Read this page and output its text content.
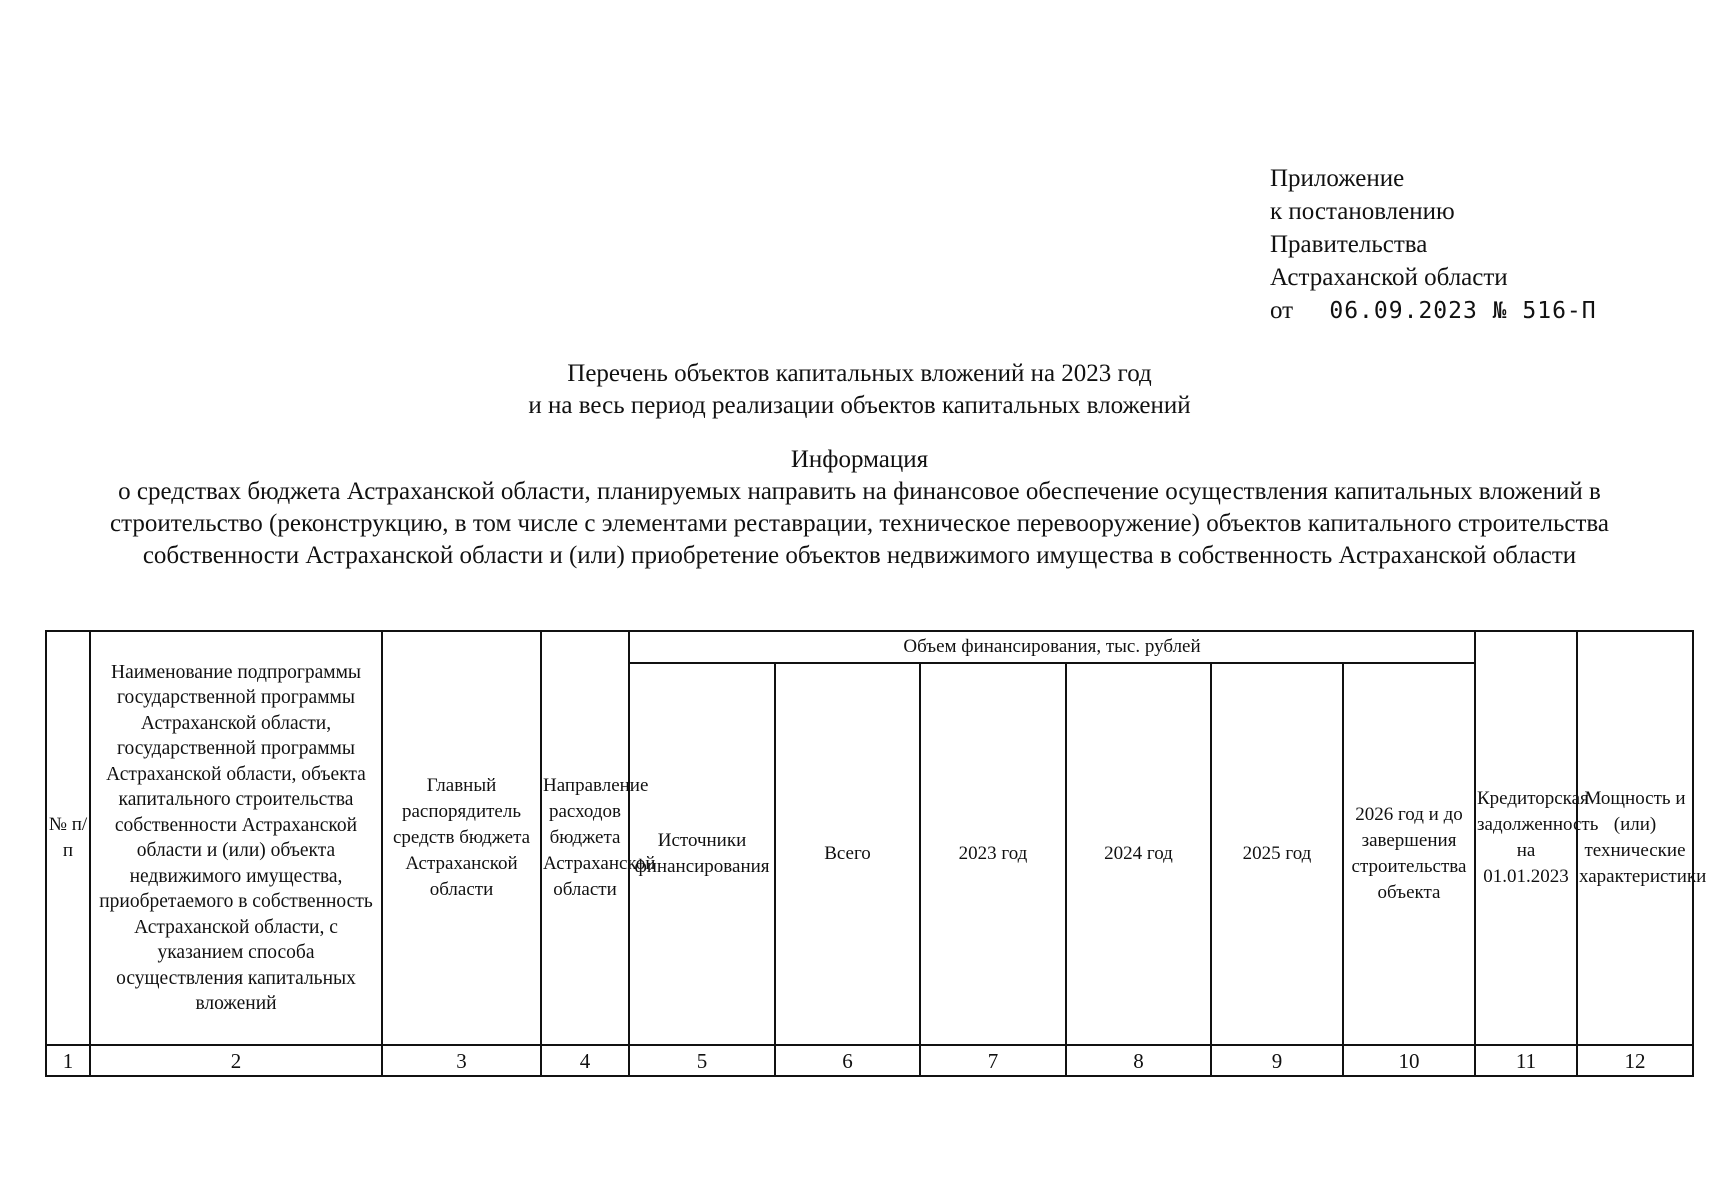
Приложение
к постановлению
Правительства
Астраханской области
от 06.09.2023 № 516-П
Перечень объектов капитальных вложений на 2023 год
и на весь период реализации объектов капитальных вложений
Информация
о средствах бюджета Астраханской области, планируемых направить на финансовое обеспечение осуществления капитальных вложений в строительство (реконструкцию, в том числе с элементами реставрации, техническое перевооружение) объектов капитального строительства собственности Астраханской области и (или) приобретение объектов недвижимого имущества в собственность Астраханской области
№ п/п	Наименование подпрограммы государственной программы Астраханской области, государственной программы Астраханской области, объекта капитального строительства собственности Астраханской области и (или) объекта недвижимого имущества, приобретаемого в собственность Астраханской области, с указанием способа осуществления капитальных вложений	Главный распорядитель средств бюджета Астраханской области	Направление расходов бюджета Астраханской области	Объем финансирования, тыс. рублей						Кредиторская задолженность на 01.01.2023	Мощность и (или) технические характеристики
				Источники финансирования	Всего	2023 год	2024 год	2025 год	2026 год и до завершения строительства объекта		
1	2	3	4	5	6	7	8	9	10	11	12
